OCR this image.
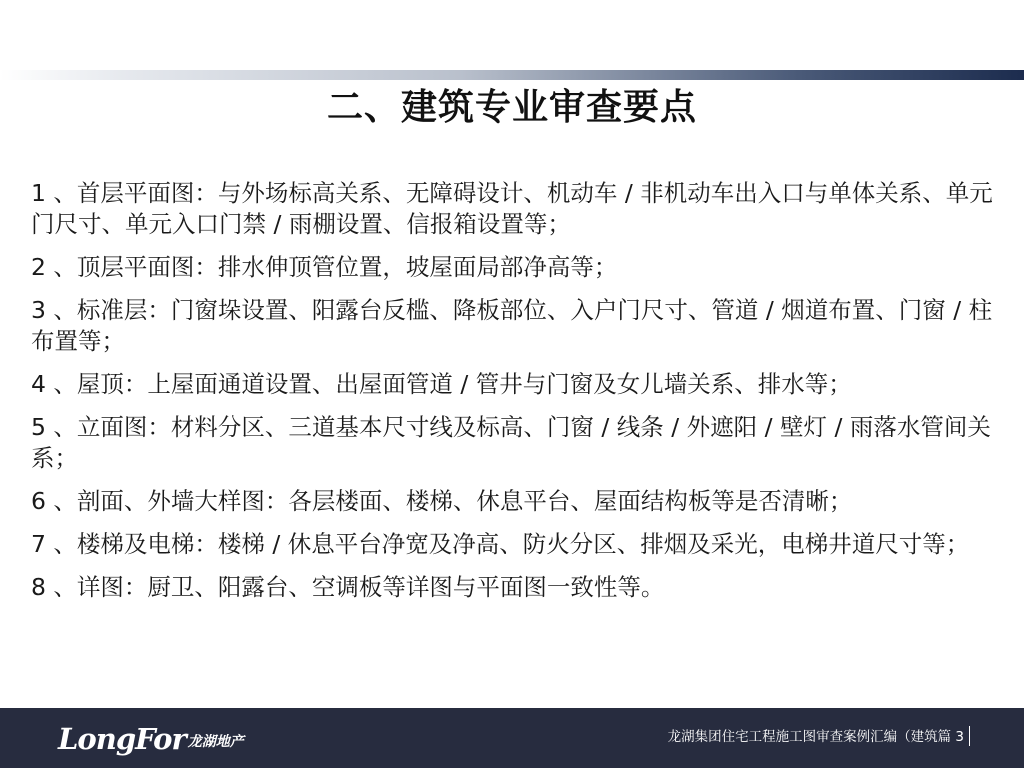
二、建筑专业审查要点
1 、首层平面图：与外场标高关系、无障碍设计、机动车 / 非机动车出入口与单体关系、单元门尺寸、单元入口门禁 / 雨棚设置、信报箱设置等；
2 、顶层平面图：排水伸顶管位置，坡屋面局部净高等；
3 、标准层：门窗垛设置、阳露台反槛、降板部位、入户门尺寸、管道 / 烟道布置、门窗 / 柱布置等；
4 、屋顶：上屋面通道设置、出屋面管道 / 管井与门窗及女儿墙关系、排水等；
5 、立面图：材料分区、三道基本尺寸线及标高、门窗 / 线条 / 外遮阳 / 壁灯 / 雨落水管间关系；
6 、剖面、外墙大样图：各层楼面、楼梯、休息平台、屋面结构板等是否清晰；
7 、楼梯及电梯：楼梯 / 休息平台净宽及净高、防火分区、排烟及采光，电梯井道尺寸等；
8 、详图：厨卫、阳露台、空调板等详图与平面图一致性等。
LongFor 龙湖地产	龙湖集团住宅工程施工图审查案例汇编（建筑篇 3
